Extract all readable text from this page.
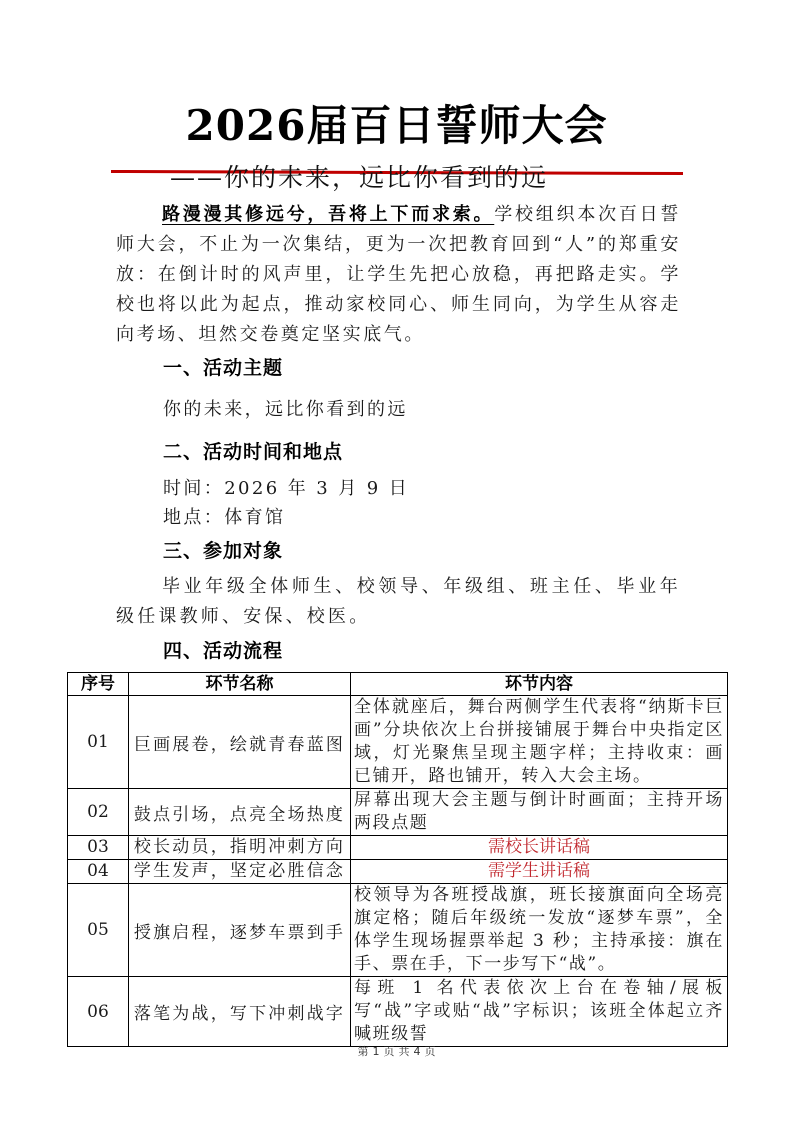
2026届百日誓师大会
——你的未来，远比你看到的远

路漫漫其修远兮，吾将上下而求索。学校组织本次百日誓师大会，不止为一次集结，更为一次把教育回到“人”的郑重安放：在倒计时的风声里，让学生先把心放稳，再把路走实。学校也将以此为起点，推动家校同心、师生同向，为学生从容走向考场、坦然交卷奠定坚实底气。

一、活动主题
你的未来，远比你看到的远
二、活动时间和地点
时间：2026 年 3 月 9 日
地点：体育馆
三、参加对象

毕业年级全体师生、校领导、年级组、班主任、毕业年级任课教师、安保、校医。

四、活动流程
序号	环节名称	环节内容
01	巨画展卷，绘就青春蓝图	全体就座后，舞台两侧学生代表将“纳斯卡巨画”分块依次上台拼接铺展于舞台中央指定区域，灯光聚焦呈现主题字样；主持收束：画已铺开，路也铺开，转入大会主场。
02	鼓点引场，点亮全场热度	屏幕出现大会主题与倒计时画面；主持开场两段点题
03	校长动员，指明冲刺方向	需校长讲话稿
04	学生发声，坚定必胜信念	需学生讲话稿
05	授旗启程，逐梦车票到手	校领导为各班授战旗，班长接旗面向全场亮旗定格；随后年级统一发放“逐梦车票”，全体学生现场握票举起 3 秒；主持承接：旗在手、票在手，下一步写下“战”。
06	落笔为战，写下冲刺战字	每班 1 名代表依次上台在卷轴/展板写“战”字或贴“战”字标识；该班全体起立齐喊班级誓
第 1 页 共 4 页
